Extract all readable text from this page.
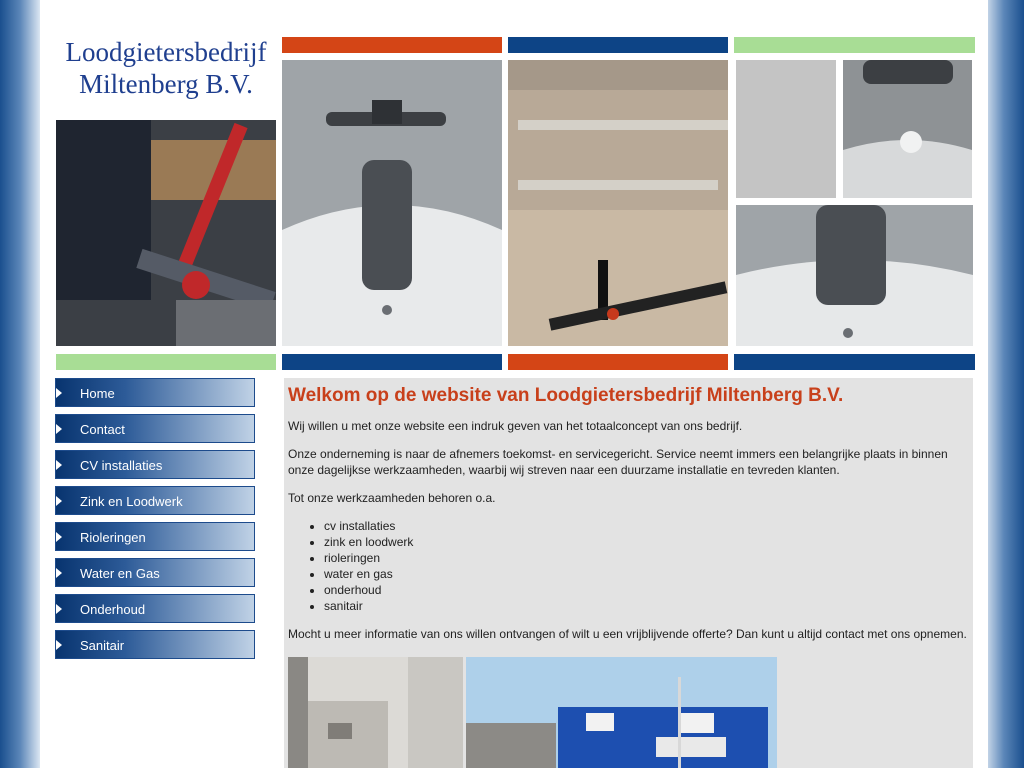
Loodgietersbedrijf
Miltenberg B.V.
Home
Contact
CV installaties
Zink en Loodwerk
Rioleringen
Water en Gas
Onderhoud
Sanitair
Welkom op de website van Loodgietersbedrijf Miltenberg B.V.

Wij willen u met onze website een indruk geven van het totaalconcept van ons bedrijf.

Onze onderneming is naar de afnemers toekomst- en servicegericht. Service neemt immers een belangrijke plaats in binnen onze dagelijkse werkzaamheden, waarbij wij streven naar een duurzame installatie en tevreden klanten.

Tot onze werkzaamheden behoren o.a.

• cv installaties
• zink en loodwerk
• rioleringen
• water en gas
• onderhoud
• sanitair

Mocht u meer informatie van ons willen ontvangen of wilt u een vrijblijvende offerte? Dan kunt u altijd contact met ons opnemen.
